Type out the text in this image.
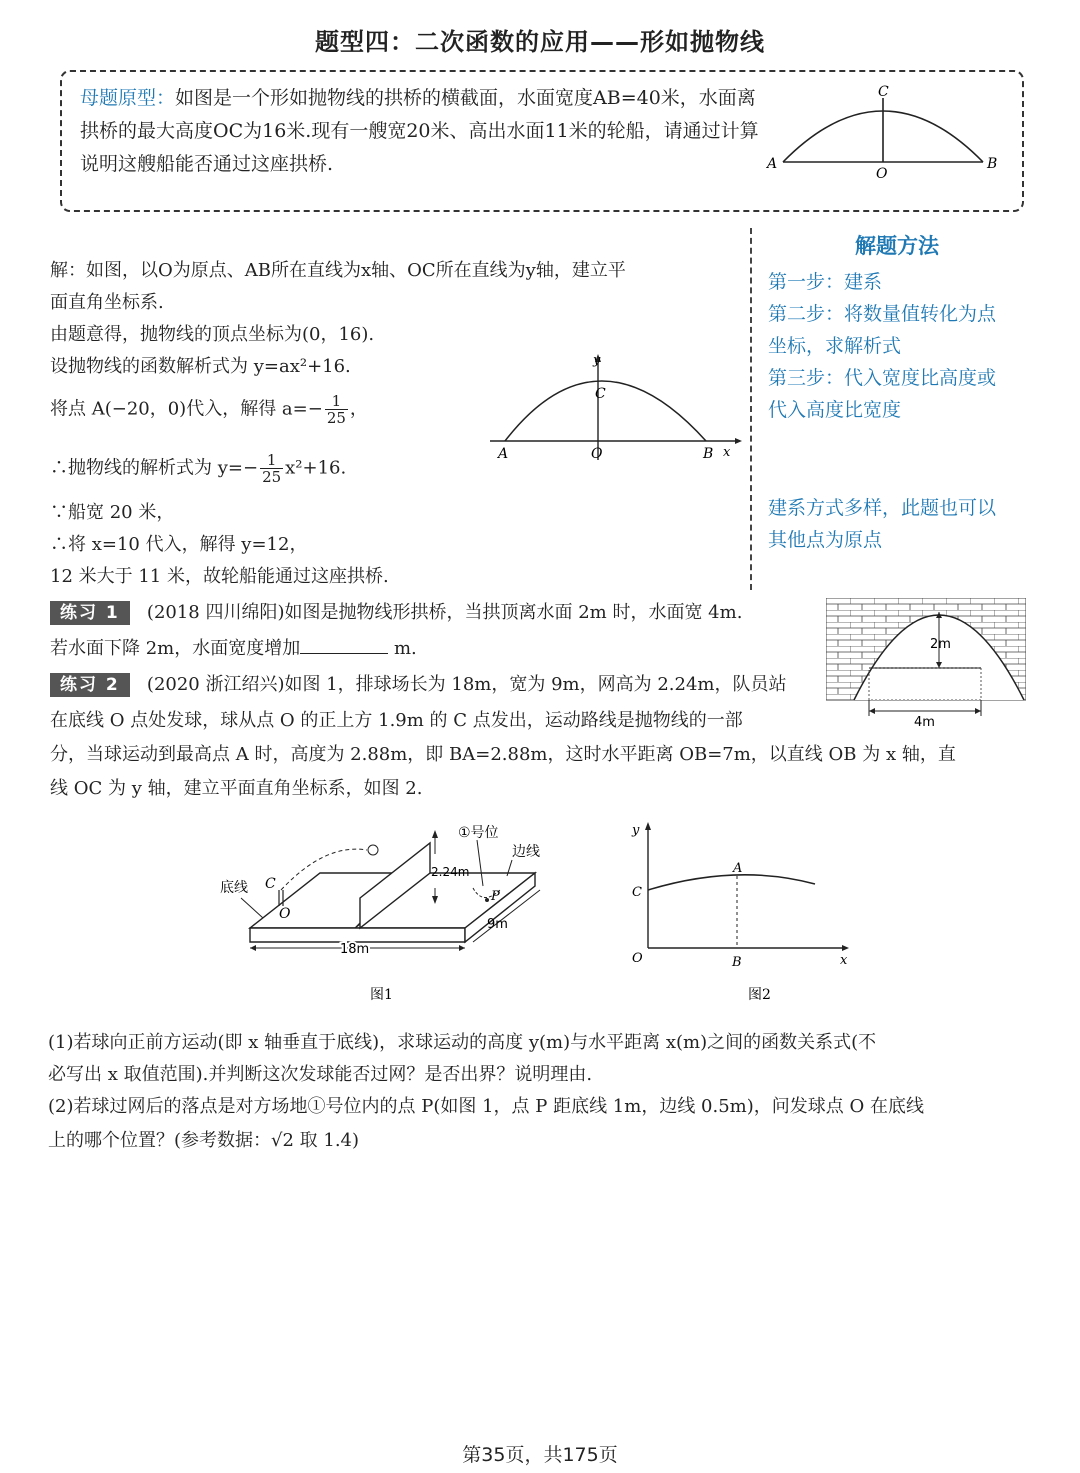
题型四：二次函数的应用——形如抛物线
母题原型：如图是一个形如抛物线的拱桥的横截面，水面宽度AB=40米，水面离拱桥的最大高度OC为16米.现有一艘宽20米、高出水面11米的轮船，请通过计算说明这艘船能否通过这座拱桥.
C
A
O
B
解：如图，以O为原点、AB所在直线为x轴、OC所在直线为y轴，建立平
面直角坐标系.
由题意得，抛物线的顶点坐标为(0，16).
设抛物线的函数解析式为 y=ax²+16.
将点 A(−20，0)代入，解得 $a=- \frac{1}{25}$ ，
∴抛物线的解析式为 $y=- \frac{1}{25} x^2+16$.
∵船宽 20 米，
∴将 x=10 代入，解得 y=12，
12 米大于 11 米，故轮船能通过这座拱桥.
y
x
C
A	O	B
解题方法
第一步：建系
第二步：将数量值转化为点
坐标，求解析式
第三步：代入宽度比高度或
代入高度比宽度
建系方式多样，此题也可以
其他点为原点
练习 1 (2018 四川绵阳)如图是抛物线形拱桥，当拱顶离水面 2m 时，水面宽 4m.
若水面下降 2m，水面宽度增加	m.	2m
4m
练习 2 (2020 浙江绍兴)如图 1，排球场长为 18m，宽为 9m，网高为 2.24m，队员站
在底线 O 点处发球，球从点 O 的正上方 1.9m 的 C 点发出，运动路线是抛物线的一部
分，当球运动到最高点 A 时，高度为 2.88m，即 BA=2.88m，这时水平距离 OB=7m，以直线 OB 为 x 轴，直
线 OC 为 y 轴，建立平面直角坐标系，如图 2.
2.24m
①号位
P
边线
底线 C
O
18m
9m
图1
y
x
A
C
O	B
图2
(1)若球向正前方运动(即 x 轴垂直于底线)，求球运动的高度 y(m)与水平距离 x(m)之间的函数关系式(不
必写出 x 取值范围).并判断这次发球能否过网？是否出界？说明理由.
(2)若球过网后的落点是对方场地①号位内的点 P(如图 1，点 P 距底线 1m，边线 0.5m)，问发球点 O 在底线
上的哪个位置？(参考数据：√2 取 1.4)
第35页，共175页
